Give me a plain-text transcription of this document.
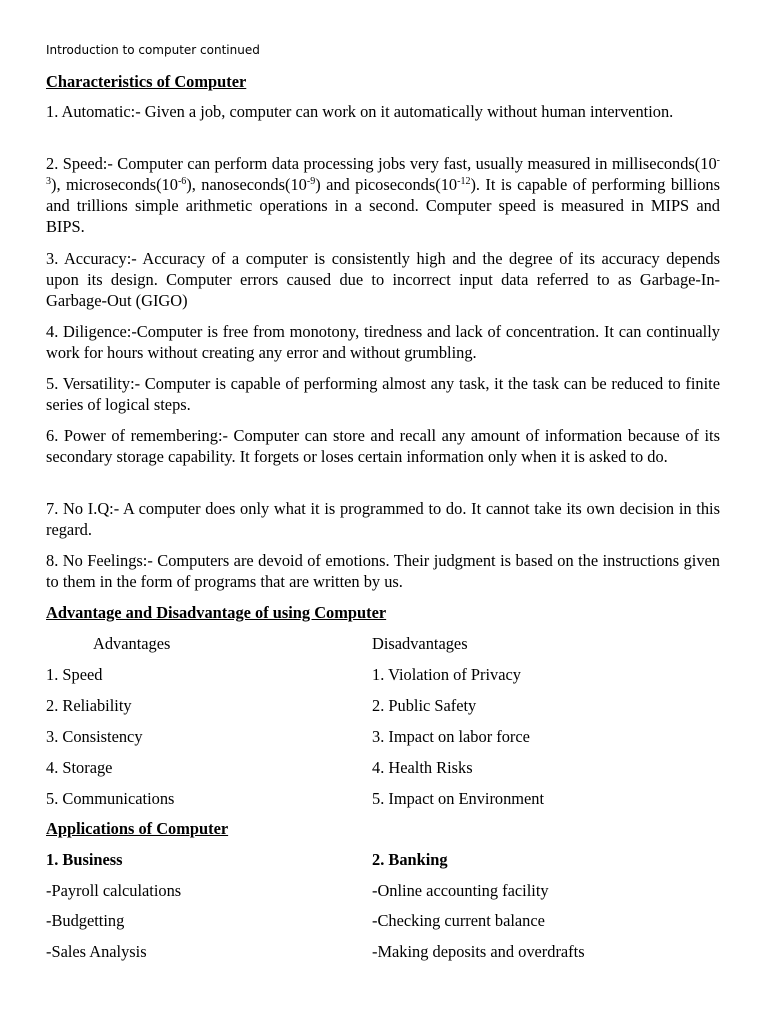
Introduction to computer continued
Characteristics of Computer

1. Automatic:- Given a job, computer can work on it automatically without human intervention.

2. Speed:- Computer can perform data processing jobs very fast, usually measured in $milliseconds(10^{-3})$, $microseconds(10^{-6})$, $nanoseconds(10^{-9})$ and $picoseconds(10^{-12})$. It is capable of performing billions and trillions simple arithmetic operations in a second. Computer speed is measured in MIPS and BIPS.

3. Accuracy:- Accuracy of a computer is consistently high and the degree of its accuracy depends upon its design. Computer errors caused due to incorrect input data referred to as Garbage-In-Garbage-Out (GIGO)

4. Diligence:-Computer is free from monotony, tiredness and lack of concentration. It can continually work for hours without creating any error and without grumbling.

5. Versatility:- Computer is capable of performing almost any task, it the task can be reduced to finite series of logical steps.

6. Power of remembering:- Computer can store and recall any amount of information because of its secondary storage capability. It forgets or loses certain information only when it is asked to do.

7. No I.Q:- A computer does only what it is programmed to do. It cannot take its own decision in this regard.

8. No Feelings:- Computers are devoid of emotions. Their judgment is based on the instructions given to them in the form of programs that are written by us.

Advantage and Disadvantage of using Computer
Advantages	Disadvantages
1. Speed	1. Violation of Privacy
2. Reliability	2. Public Safety
3. Consistency	3. Impact on labor force
4. Storage	4. Health Risks
5. Communications	5. Impact on Environment
Applications of Computer
1. Business	2. Banking
-Payroll calculations	-Online accounting facility
-Budgetting	-Checking current balance
-Sales Analysis	-Making deposits and overdrafts
